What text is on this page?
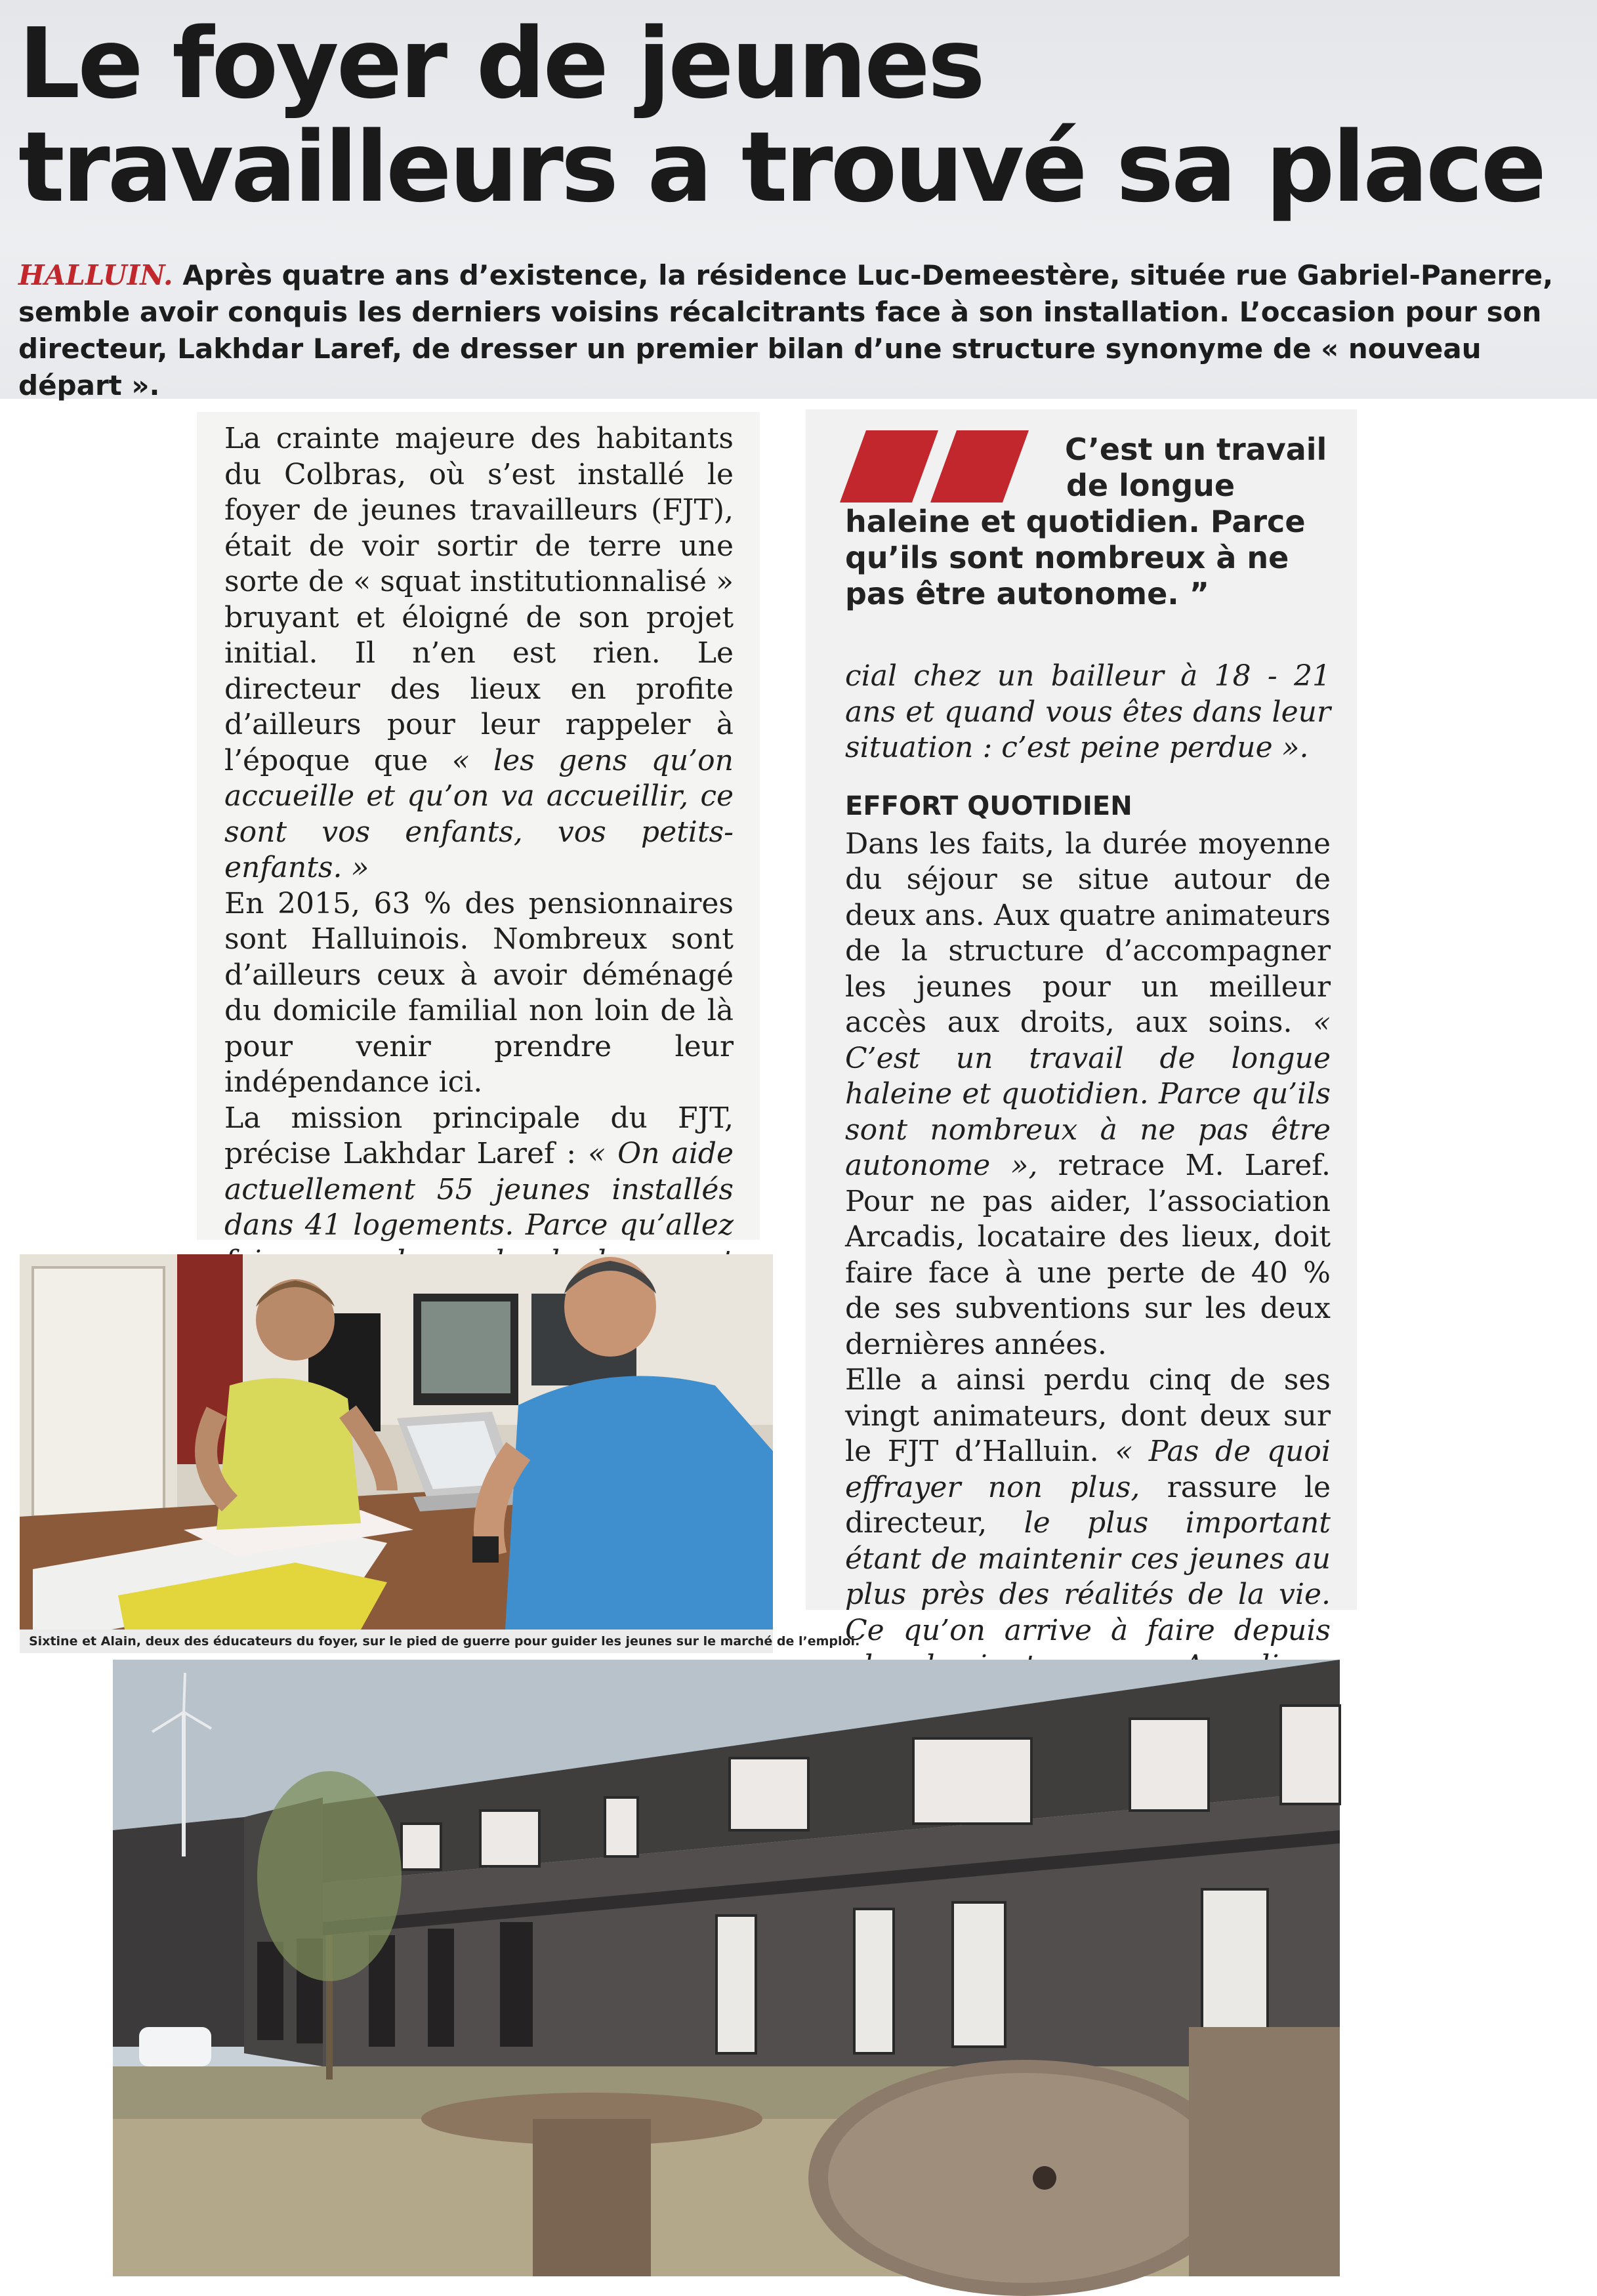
Le foyer de jeunes
travailleurs a trouvé sa place

HALLUIN. Après quatre ans d’existence, la résidence Luc-Demeestère, située rue Gabriel-Panerre, semble avoir conquis les derniers voisins récalcitrants face à son installation. L’occasion pour son directeur, Lakhdar Laref, de dresser un premier bilan d’une structure synonyme de « nouveau départ ».

La crainte majeure des habitants du Colbras, où s’est installé le foyer de jeunes travailleurs (FJT), était de voir sortir de terre une sorte de « squat institutionnalisé » bruyant et éloigné de son projet initial. Il n’en est rien. Le directeur des lieux en profite d’ailleurs pour leur rappeler à l’époque que « les gens qu’on accueille et qu’on va accueillir, ce sont vos enfants, vos petits-enfants. »

En 2015, 63 % des pensionnaires sont Halluinois. Nombreux sont d’ailleurs ceux à avoir déménagé du domicile familial non loin de là pour venir prendre leur indépendance ici.

La mission principale du FJT, précise Lakhdar Laref : « On aide actuellement 55 jeunes installés dans 41 logements. Parce qu’allez

C’est un travail
de longue
haleine et quotidien. Parce qu’ils sont nombreux à ne pas être autonome. ”

cial chez un bailleur à 18 - 21 ans et quand vous êtes dans leur situation : c’est peine perdue ».

EFFORT QUOTIDIEN

Dans les faits, la durée moyenne du séjour se situe autour de deux ans. Aux quatre animateurs de la structure d’accompagner les jeunes pour un meilleur accès aux droits, aux soins. « C’est un travail de longue haleine et quotidien. Parce qu’ils sont nombreux à ne pas être autonome », retrace M. Laref. Pour ne pas aider, l’association Arcadis, locataire des lieux, doit faire face à une perte de 40 % de ses subventions sur les deux dernières années.

Elle a ainsi perdu cinq de ses vingt animateurs, dont deux sur le FJT d’Halluin. « Pas de quoi effrayer non plus, rassure le directeur, le plus important étant de maintenir ces jeunes au plus près des réalités de la vie. Ce qu’on arrive à faire depuis

Sixtine et Alain, deux des éducateurs du foyer, sur le pied de guerre pour guider les jeunes sur le marché de l’emploi.
